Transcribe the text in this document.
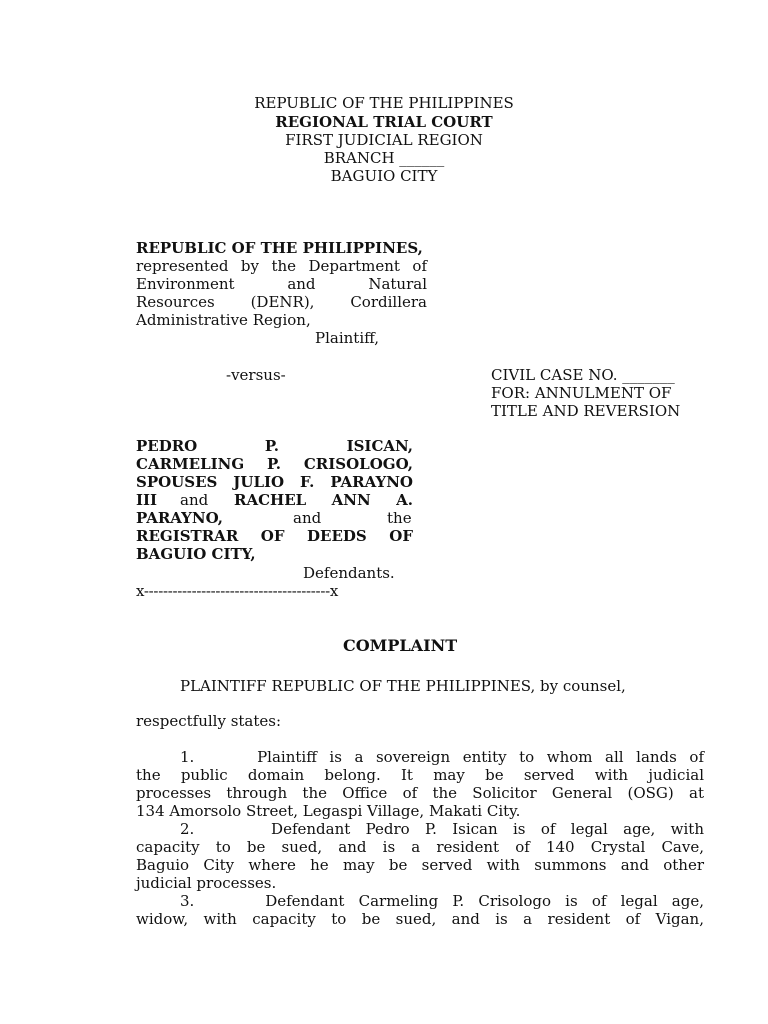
REPUBLIC OF THE PHILIPPINES
REGIONAL TRIAL COURT
FIRST JUDICIAL REGION
BRANCH ______
BAGUIO CITY
REPUBLIC OF THE PHILIPPINES,
represented by the Department of
Environment and Natural
Resources (DENR), Cordillera
Administrative Region,
Plaintiff,
-versus-	CIVIL CASE NO. _______
FOR: ANNULMENT OF
TITLE AND REVERSION
PEDRO P. ISICAN,
CARMELING P. CRISOLOGO,
SPOUSES JULIO F. PARAYNO
III and RACHEL ANN A.
PARAYNO,	and	the
REGISTRAR OF DEEDS OF
BAGUIO CITY,
Defendants.
x---------------------------------------x
COMPLAINT
PLAINTIFF REPUBLIC OF THE PHILIPPINES, by counsel,
respectfully states:
1.     Plaintiff is a sovereign entity to whom all lands of
the public domain belong. It may be served with judicial
processes through the Office of the Solicitor General (OSG) at
134 Amorsolo Street, Legaspi Village, Makati City.
2.     Defendant Pedro P. Isican is of legal age, with
capacity to be sued, and is a resident of 140 Crystal Cave,
Baguio City where he may be served with summons and other
judicial processes.
3.     Defendant Carmeling P. Crisologo is of legal age,
widow, with capacity to be sued, and is a resident of Vigan,
